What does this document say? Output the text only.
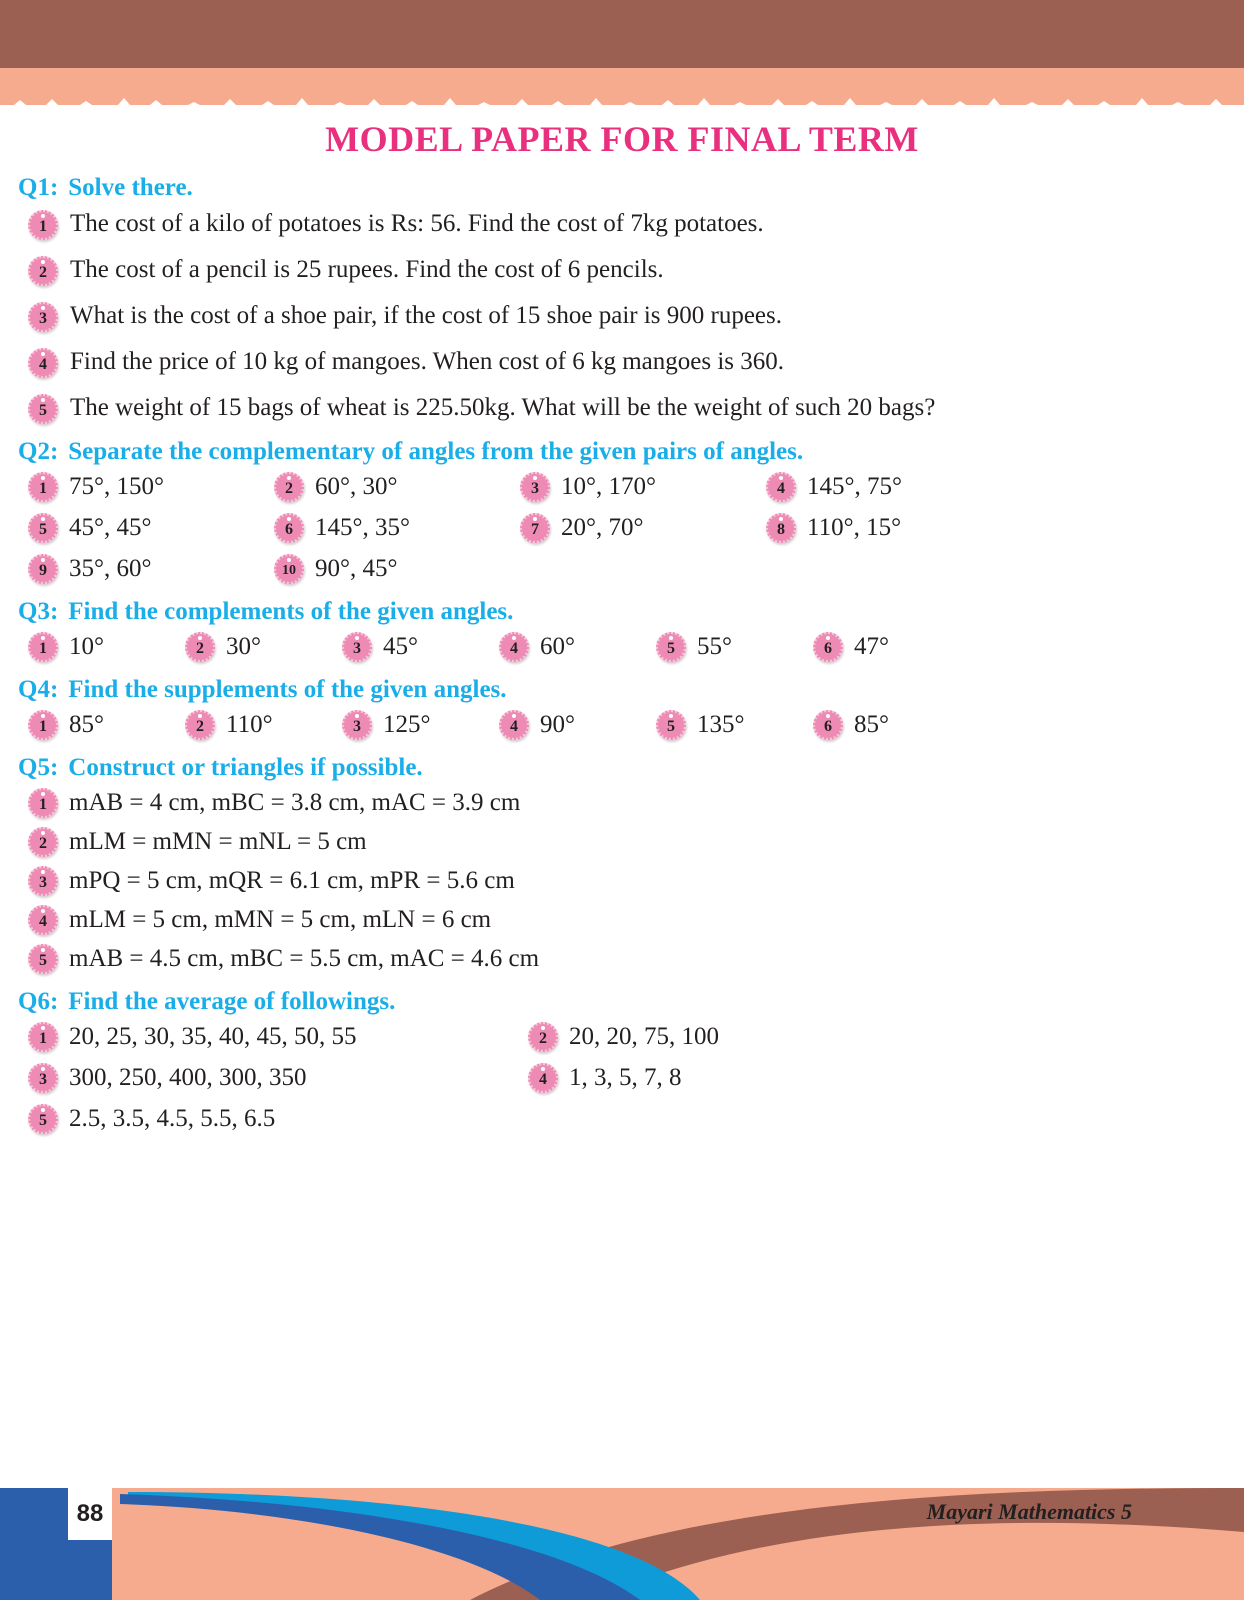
MODEL PAPER FOR FINAL TERM
Q1: Solve there.
1 The cost of a kilo of potatoes is Rs: 56. Find the cost of 7kg potatoes.
2 The cost of a pencil is 25 rupees. Find the cost of 6 pencils.
3 What is the cost of a shoe pair, if the cost of 15 shoe pair is 900 rupees.
4 Find the price of 10 kg of mangoes. When cost of 6 kg mangoes is 360.
5 The weight of 15 bags of wheat is 225.50kg. What will be the weight of such 20 bags?
Q2: Separate the complementary of angles from the given pairs of angles.
1 75°, 150°	2 60°, 30°	3 10°, 170°	4 145°, 75°
5 45°, 45°	6 145°, 35°	7 20°, 70°	8 110°, 15°
9 35°, 60°	10 90°, 45°
Q3: Find the complements of the given angles.
1 10°	2 30°	3 45°	4 60°	5 55°	6 47°
Q4: Find the supplements of the given angles.
1 85°	2 110°	3 125°	4 90°	5 135°	6 85°
Q5: Construct or triangles if possible.
1 mAB = 4 cm, mBC = 3.8 cm, mAC = 3.9 cm
2 mLM = mMN = mNL = 5 cm
3 mPQ = 5 cm, mQR = 6.1 cm, mPR = 5.6 cm
4 mLM = 5 cm, mMN = 5 cm, mLN = 6 cm
5 mAB = 4.5 cm, mBC = 5.5 cm, mAC = 4.6 cm
Q6: Find the average of followings.
1 20, 25, 30, 35, 40, 45, 50, 55	2 20, 20, 75, 100
3 300, 250, 400, 300, 350	4 1, 3, 5, 7, 8
5 2.5, 3.5, 4.5, 5.5, 6.5
88	Mayari Mathematics 5
